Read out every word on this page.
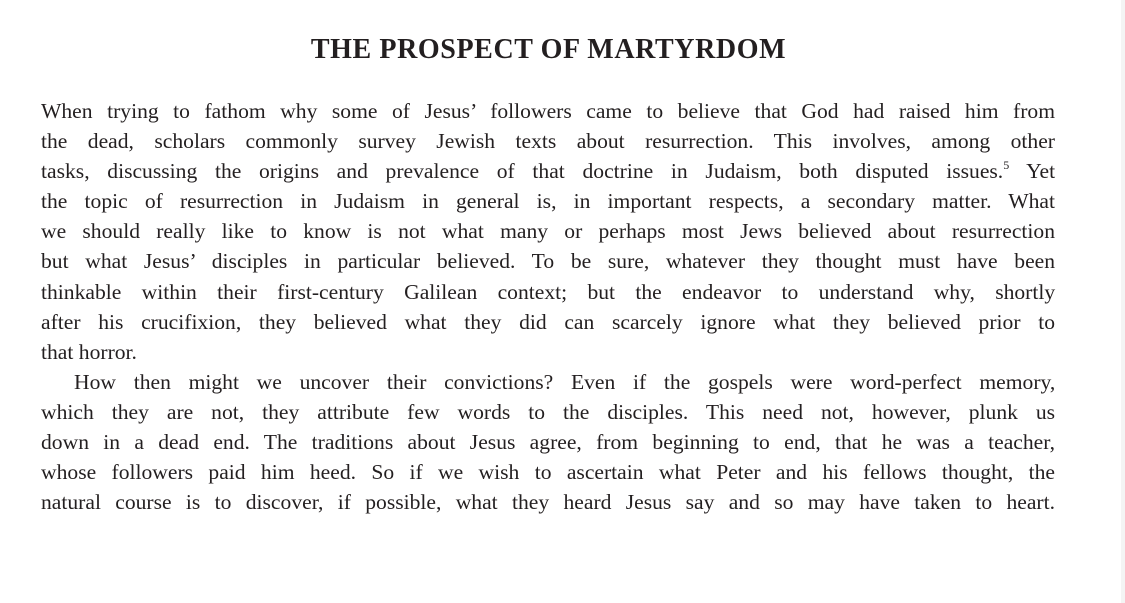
THE PROSPECT OF MARTYRDOM
When trying to fathom why some of Jesus’ followers came to believe that God had raised him from
the dead, scholars commonly survey Jewish texts about resurrection. This involves, among other
tasks, discussing the origins and prevalence of that doctrine in Judaism, both disputed issues.$^5$ Yet
the topic of resurrection in Judaism in general is, in important respects, a secondary matter. What
we should really like to know is not what many or perhaps most Jews believed about resurrection
but what Jesus’ disciples in particular believed. To be sure, whatever they thought must have been
thinkable within their first-century Galilean context; but the endeavor to understand why, shortly
after his crucifixion, they believed what they did can scarcely ignore what they believed prior to
that horror.
How then might we uncover their convictions? Even if the gospels were word-perfect memory,
which they are not, they attribute few words to the disciples. This need not, however, plunk us
down in a dead end. The traditions about Jesus agree, from beginning to end, that he was a teacher,
whose followers paid him heed. So if we wish to ascertain what Peter and his fellows thought, the
natural course is to discover, if possible, what they heard Jesus say and so may have taken to heart.
